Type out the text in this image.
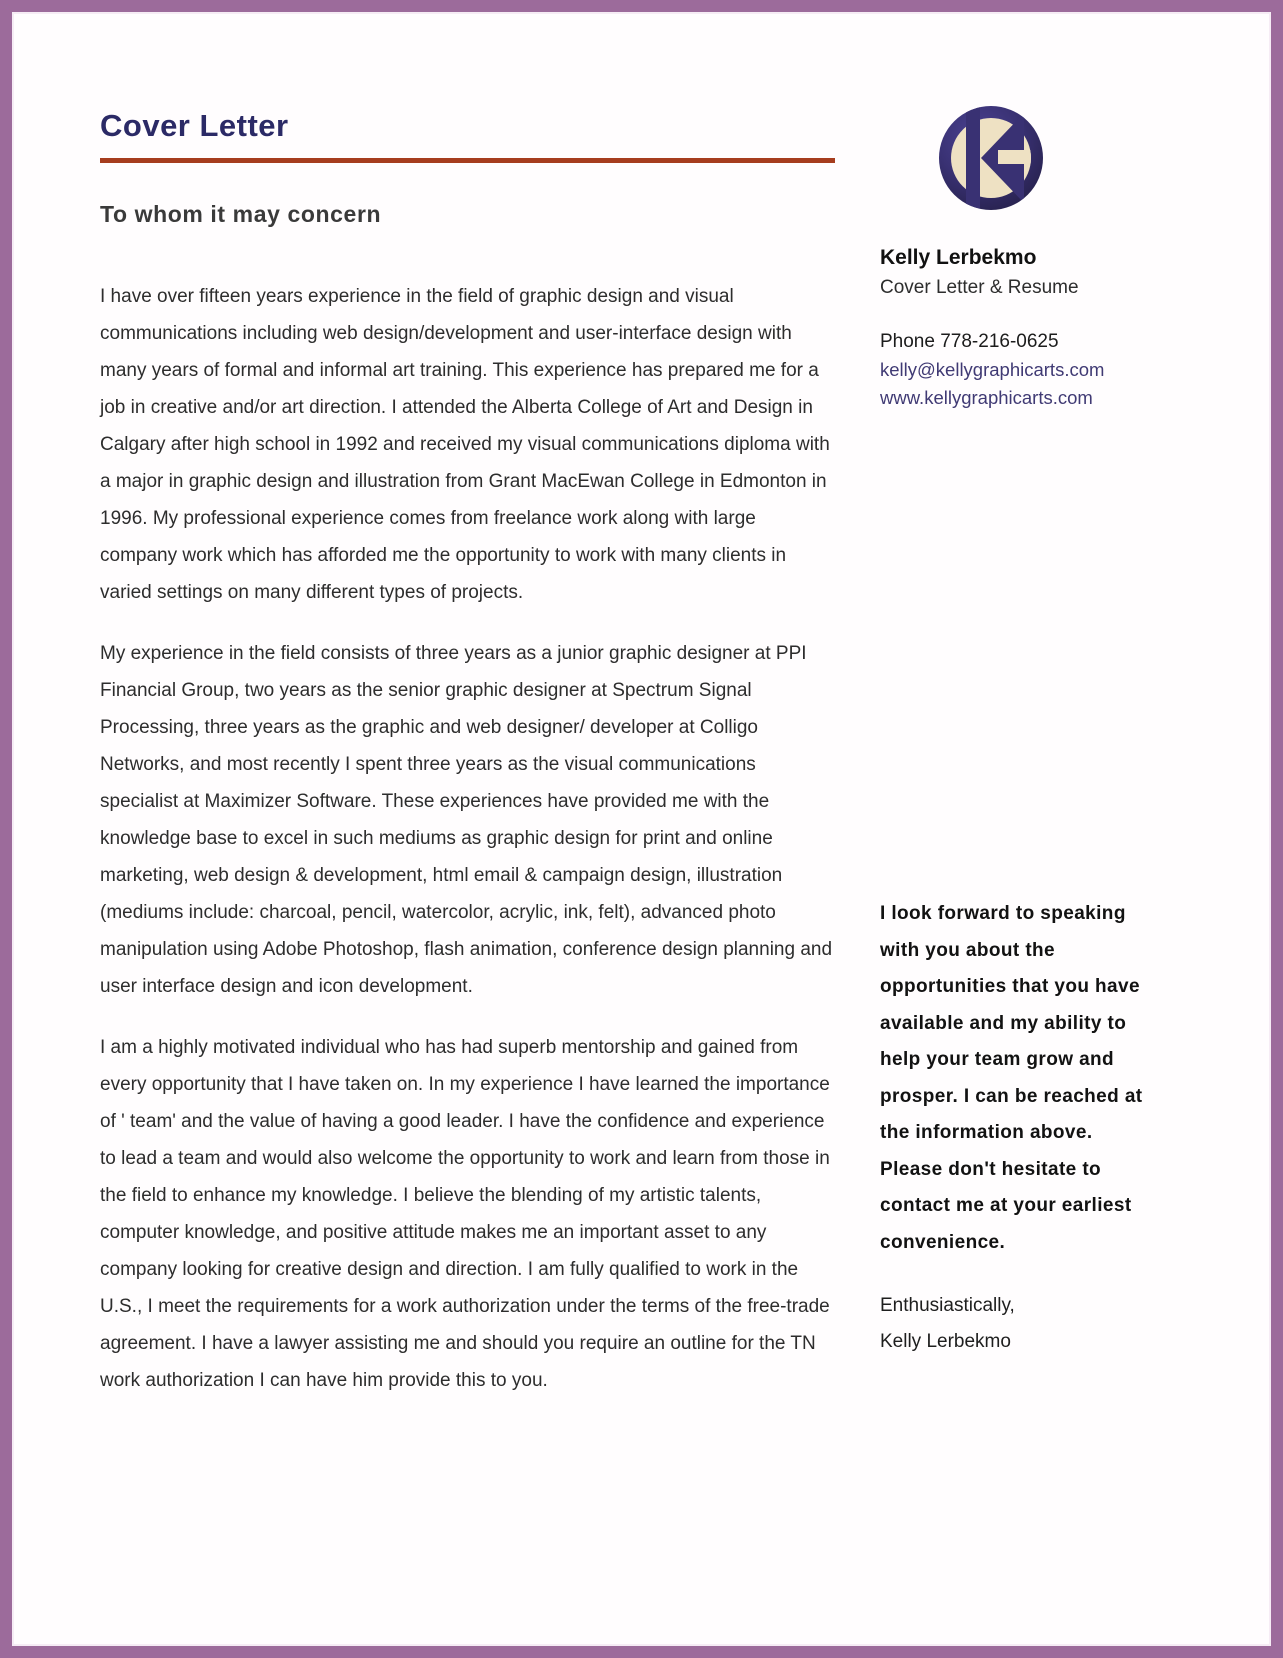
Cover Letter
To whom it may concern

I have over fifteen years experience in the field of graphic design and visual communications including web design/development and user-interface design with many years of formal and informal art training. This experience has prepared me for a job in creative and/or art direction. I attended the Alberta College of Art and Design in Calgary after high school in 1992 and received my visual communications diploma with a major in graphic design and illustration from Grant MacEwan College in Edmonton in 1996. My professional experience comes from freelance work along with large company work which has afforded me the opportunity to work with many clients in varied settings on many different types of projects.

My experience in the field consists of three years as a junior graphic designer at PPI Financial Group, two years as the senior graphic designer at Spectrum Signal Processing, three years as the graphic and web designer/ developer at Colligo Networks, and most recently I spent three years as the visual communications specialist at Maximizer Software. These experiences have provided me with the knowledge base to excel in such mediums as graphic design for print and online marketing, web design & development, html email & campaign design, illustration (mediums include: charcoal, pencil, watercolor, acrylic, ink, felt), advanced photo manipulation using Adobe Photoshop, flash animation, conference design planning and user interface design and icon development.

I am a highly motivated individual who has had superb mentorship and gained from every opportunity that I have taken on. In my experience I have learned the importance of ' team' and the value of having a good leader. I have the confidence and experience to lead a team and would also welcome the opportunity to work and learn from those in the field to enhance my knowledge. I believe the blending of my artistic talents, computer knowledge, and positive attitude makes me an important asset to any company looking for creative design and direction. I am fully qualified to work in the U.S., I meet the requirements for a work authorization under the terms of the free-trade agreement. I have a lawyer assisting me and should you require an outline for the TN work authorization I can have him provide this to you.

Kelly Lerbekmo
Cover Letter & Resume
Phone 778-216-0625
kelly@kellygraphicarts.com
www.kellygraphicarts.com

I look forward to speaking with you about the opportunities that you have available and my ability to help your team grow and prosper. I can be reached at the information above. Please don't hesitate to contact me at your earliest convenience.

Enthusiastically,
Kelly Lerbekmo
